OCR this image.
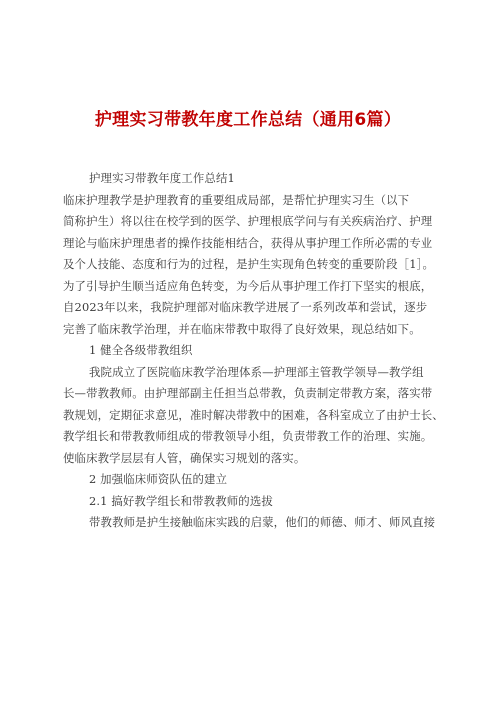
护理实习带教年度工作总结（通用6篇）
护理实习带教年度工作总结1
临床护理教学是护理教育的重要组成局部，是帮忙护理实习生（以下
简称护生）将以往在校学到的医学、护理根底学问与有关疾病治疗、护理
理论与临床护理患者的操作技能相结合，获得从事护理工作所必需的专业
及个人技能、态度和行为的过程，是护生实现角色转变的重要阶段［1］。
为了引导护生顺当适应角色转变，为今后从事护理工作打下坚实的根底，
自2023年以来，我院护理部对临床教学进展了一系列改革和尝试，逐步
完善了临床教学治理，并在临床带教中取得了良好效果，现总结如下。
1 健全各级带教组织
我院成立了医院临床教学治理体系—护理部主管教学领导—教学组
长—带教教师。由护理部副主任担当总带教，负责制定带教方案，落实带
教规划，定期征求意见，准时解决带教中的困难，各科室成立了由护士长、
教学组长和带教教师组成的带教领导小组，负责带教工作的治理、实施。
使临床教学层层有人管，确保实习规划的落实。
2 加强临床师资队伍的建立
2.1 搞好教学组长和带教教师的选拔
带教教师是护生接触临床实践的启蒙，他们的师德、师才、师风直接
